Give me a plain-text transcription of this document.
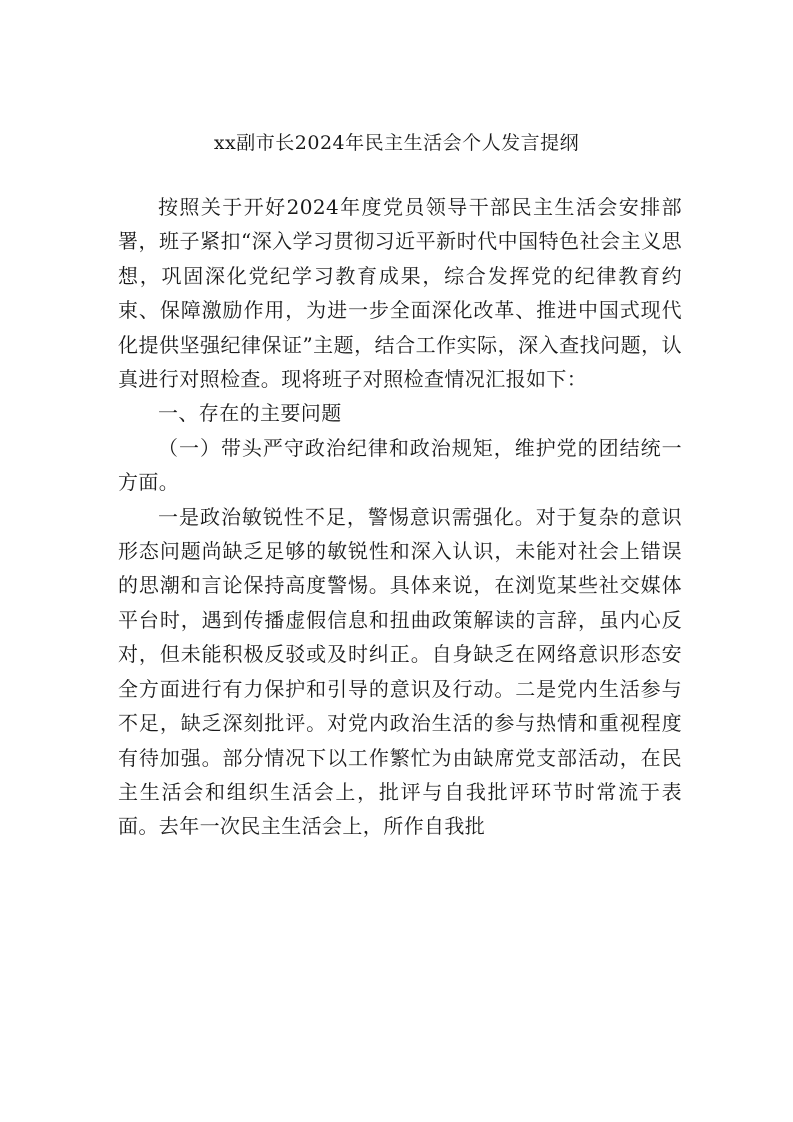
xx副市长2024年民主生活会个人发言提纲

按照关于开好2024年度党员领导干部民主生活会安排部署，班子紧扣“深入学习贯彻习近平新时代中国特色社会主义思想，巩固深化党纪学习教育成果，综合发挥党的纪律教育约束、保障激励作用，为进一步全面深化改革、推进中国式现代化提供坚强纪律保证”主题，结合工作实际，深入查找问题，认真进行对照检查。现将班子对照检查情况汇报如下：

一、存在的主要问题

（一）带头严守政治纪律和政治规矩，维护党的团结统一方面。

一是政治敏锐性不足，警惕意识需强化。对于复杂的意识形态问题尚缺乏足够的敏锐性和深入认识，未能对社会上错误的思潮和言论保持高度警惕。具体来说，在浏览某些社交媒体平台时，遇到传播虚假信息和扭曲政策解读的言辞，虽内心反对，但未能积极反驳或及时纠正。自身缺乏在网络意识形态安全方面进行有力保护和引导的意识及行动。二是党内生活参与不足，缺乏深刻批评。对党内政治生活的参与热情和重视程度有待加强。部分情况下以工作繁忙为由缺席党支部活动，在民主生活会和组织生活会上，批评与自我批评环节时常流于表面。去年一次民主生活会上，所作自我批
